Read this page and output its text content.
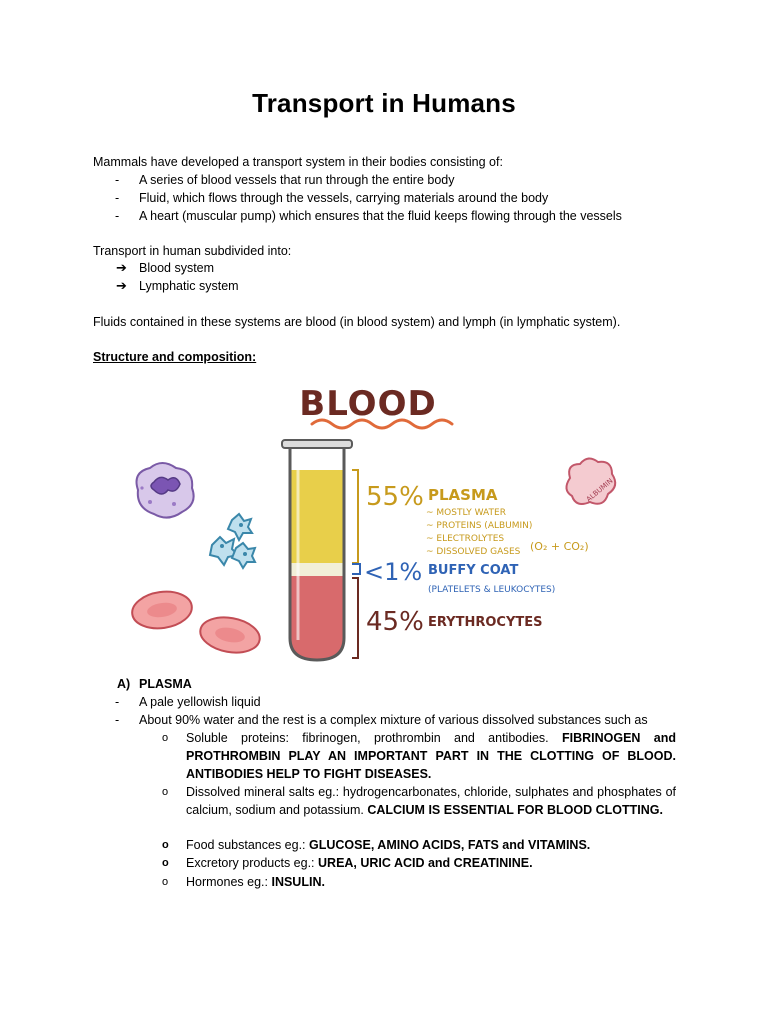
Transport in Humans
Mammals have developed a transport system in their bodies consisting of:
- A series of blood vessels that run through the entire body
- Fluid, which flows through the vessels, carrying materials around the body
- A heart (muscular pump) which ensures that the fluid keeps flowing through the vessels
Transport in human subdivided into:
➔ Blood system
➔ Lymphatic system
Fluids contained in these systems are blood (in blood system) and lymph (in lymphatic system).
Structure and composition:
BLOOD
55% PLASMA
~ MOSTLY WATER
~ PROTEINS (ALBUMIN)
~ ELECTROLYTES
~ DISSOLVED GASES (O₂ + CO₂)
<1% BUFFY COAT
(PLATELETS & LEUKOCYTES)
45% ERYTHROCYTES
ALBUMIN
A) PLASMA
- A pale yellowish liquid
- About 90% water and the rest is a complex mixture of various dissolved substances such as
o Soluble proteins: fibrinogen, prothrombin and antibodies. FIBRINOGEN and PROTHROMBIN PLAY AN IMPORTANT PART IN THE CLOTTING OF BLOOD. ANTIBODIES HELP TO FIGHT DISEASES.
o Dissolved mineral salts eg.: hydrogencarbonates, chloride, sulphates and phosphates of calcium, sodium and potassium. CALCIUM IS ESSENTIAL FOR BLOOD CLOTTING.
o Food substances eg.: GLUCOSE, AMINO ACIDS, FATS and VITAMINS.
o Excretory products eg.: UREA, URIC ACID and CREATININE.
o Hormones eg.: INSULIN.
